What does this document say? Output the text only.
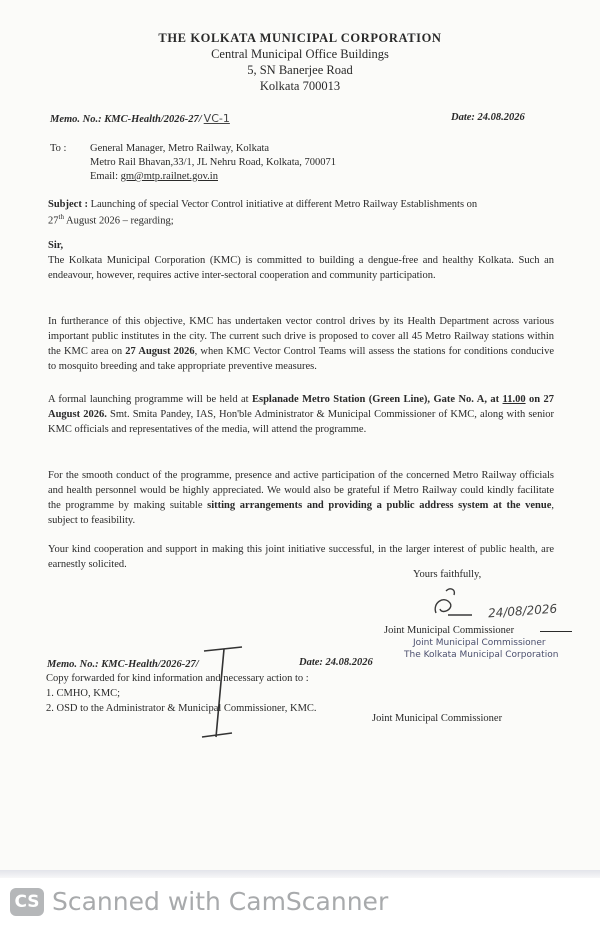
THE KOLKATA MUNICIPAL CORPORATION
Central Municipal Office Buildings
5, SN Banerjee Road
Kolkata 700013
Memo. No.: KMC-Health/2026-27/ VC-1	Date: 24.08.2026
To : General Manager, Metro Railway, Kolkata
Metro Rail Bhavan,33/1, JL Nehru Road, Kolkata, 700071
Email: gm@mtp.railnet.gov.in
Subject : Launching of special Vector Control initiative at different Metro Railway Establishments on
27th August 2026 – regarding;
Sir,
The Kolkata Municipal Corporation (KMC) is committed to building a dengue-free and healthy Kolkata. Such an endeavour, however, requires active inter-sectoral cooperation and community participation.
In furtherance of this objective, KMC has undertaken vector control drives by its Health Department across various important public institutes in the city. The current such drive is proposed to cover all 45 Metro Railway stations within the KMC area on 27 August 2026, when KMC Vector Control Teams will assess the stations for conditions conducive to mosquito breeding and take appropriate preventive measures.
A formal launching programme will be held at Esplanade Metro Station (Green Line), Gate No. A, at 11.00 on 27 August 2026. Smt. Smita Pandey, IAS, Hon'ble Administrator & Municipal Commissioner of KMC, along with senior KMC officials and representatives of the media, will attend the programme.
For the smooth conduct of the programme, presence and active participation of the concerned Metro Railway officials and health personnel would be highly appreciated. We would also be grateful if Metro Railway could kindly facilitate the programme by making suitable sitting arrangements and providing a public address system at the venue, subject to feasibility.
Your kind cooperation and support in making this joint initiative successful, in the larger interest of public health, are earnestly solicited.
Yours faithfully,
24/08/2026
Joint Municipal Commissioner
Joint Municipal Commissioner
The Kolkata Municipal Corporation
Memo. No.: KMC-Health/2026-27/	Date: 24.08.2026
Copy forwarded for kind information and necessary action to :
1. CMHO, KMC;
2. OSD to the Administrator & Municipal Commissioner, KMC.
Joint Municipal Commissioner
CS Scanned with CamScanner
